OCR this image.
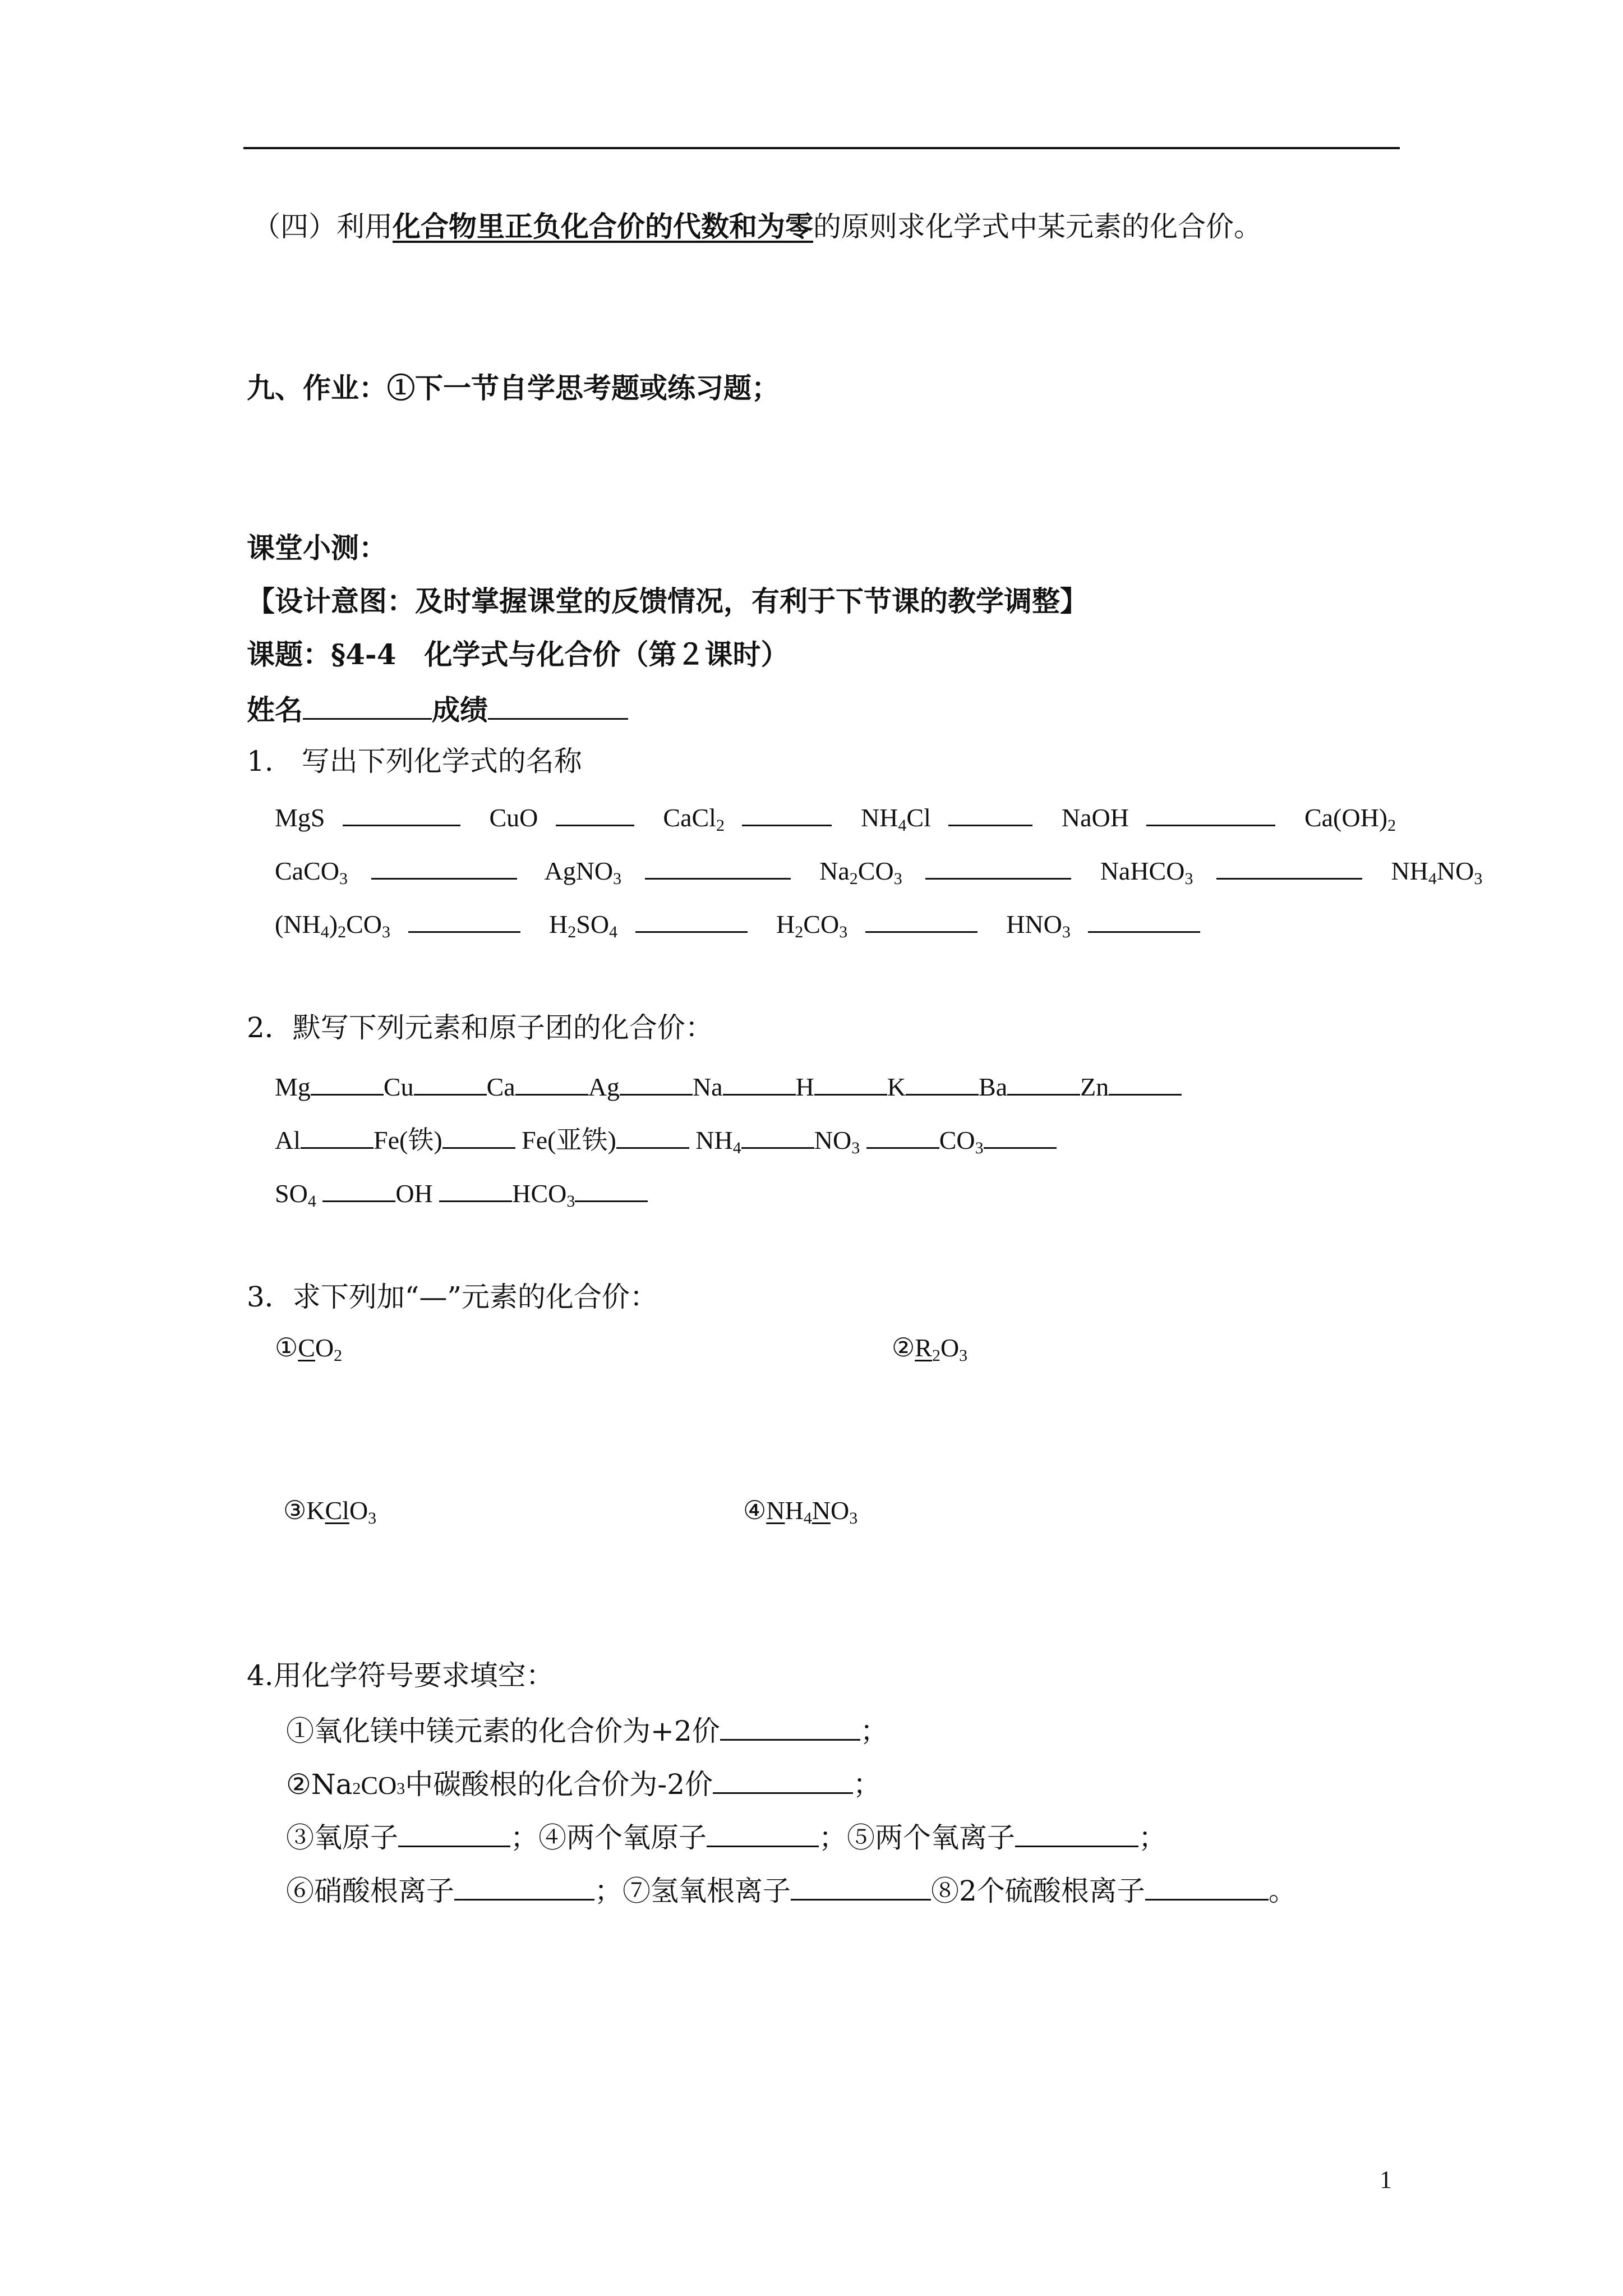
（四）利用化合物里正负化合价的代数和为零的原则求化学式中某元素的化合价。
九、作业：①下一节自学思考题或练习题；
课堂小测：
【设计意图：及时掌握课堂的反馈情况，有利于下节课的教学调整】
课题：§4-4　化学式与化合价（第２课时）
姓名	成绩
1.　写出下列化学式的名称
MgS	CuO	CaCl$_2$	$NH_4Cl$	NaOH	$Ca(OH)_2$
CaCO$_3$	AgNO$_3$	$Na_2CO_3$	NaHCO$_3$	$NH_4NO_3$
$(NH_4)_2CO_3$	$H_2SO_4$	$H_2CO_3$	$HNO_3$
2．默写下列元素和原子团的化合价：
Mg	Cu	Ca	Ag	Na	H	K	Ba	Zn
Al	Fe(铁)	Fe(亚铁)	$NH_4$	$NO_3$	$CO_3$
$SO_4$	OH	$HCO_3$
3．求下列加“—”元素的化合价：
$①CO_2$	$②R_2O_3$
③KClO$_3$	$④NH_4NO_3$
4.用化学符号要求填空：
①氧化镁中镁元素的化合价为+2价	；
②Na 2 CO 3 中碳酸根的化合价为-2价	；
③氧原子	； ④两个氧原子	； ⑤两个氧离子	；
⑥硝酸根离子	； ⑦氢氧根离子	⑧2个硫酸根离子	。
1
